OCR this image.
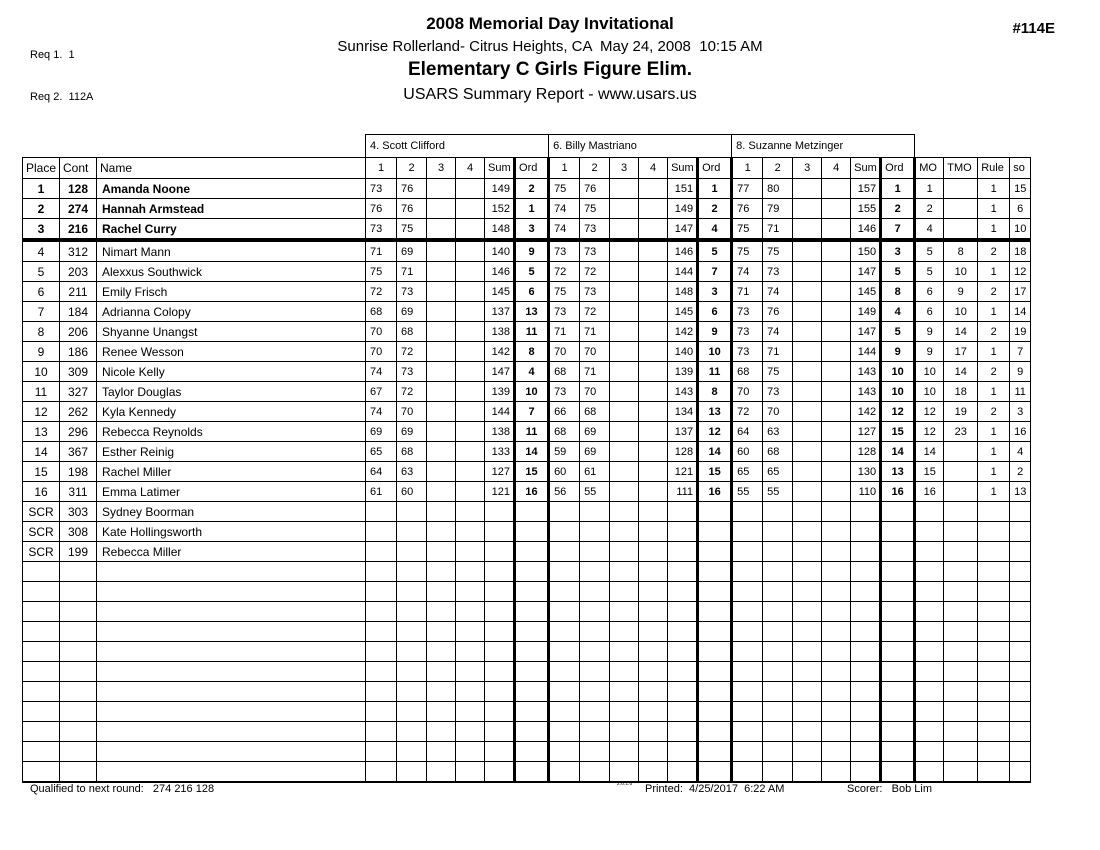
Req 1.  1

Req 2.  112A

#114E
2008 Memorial Day Invitational
Sunrise Rollerland- Citrus Heights, CA  May 24, 2008  10:15 AM
Elementary C Girls Figure Elim.
USARS Summary Report - www.usars.us
			4. Scott Clifford						6. Billy Mastriano						8. Suzanne Metzinger									
Place	Cont	Name	1	2	3	4	Sum	Ord	1	2	3	4	Sum	Ord	1	2	3	4	Sum	Ord	MO	TMO	Rule	so
1	128	Amanda Noone	73	76			149	2	75	76			151	1	77	80			157	1	1		1	15
2	274	Hannah Armstead	76	76			152	1	74	75			149	2	76	79			155	2	2		1	6
3	216	Rachel Curry	73	75			148	3	74	73			147	4	75	71			146	7	4		1	10
4	312	Nimart Mann	71	69			140	9	73	73			146	5	75	75			150	3	5	8	2	18
5	203	Alexxus Southwick	75	71			146	5	72	72			144	7	74	73			147	5	5	10	1	12
6	211	Emily Frisch	72	73			145	6	75	73			148	3	71	74			145	8	6	9	2	17
7	184	Adrianna Colopy	68	69			137	13	73	72			145	6	73	76			149	4	6	10	1	14
8	206	Shyanne Unangst	70	68			138	11	71	71			142	9	73	74			147	5	9	14	2	19
9	186	Renee Wesson	70	72			142	8	70	70			140	10	73	71			144	9	9	17	1	7
10	309	Nicole Kelly	74	73			147	4	68	71			139	11	68	75			143	10	10	14	2	9
11	327	Taylor Douglas	67	72			139	10	73	70			143	8	70	73			143	10	10	18	1	11
12	262	Kyla Kennedy	74	70			144	7	66	68			134	13	72	70			142	12	12	19	2	3
13	296	Rebecca Reynolds	69	69			138	11	68	69			137	12	64	63			127	15	12	23	1	16
14	367	Esther Reinig	65	68			133	14	59	69			128	14	60	68			128	14	14		1	4
15	198	Rachel Miller	64	63			127	15	60	61			121	15	65	65			130	13	15		1	2
16	311	Emma Latimer	61	60			121	16	56	55			111	16	55	55			110	16	16		1	13
SCR	303	Sydney Boorman																						
SCR	308	Kate Hollingsworth																						
SCR	199	Rebecca Miller																						

Qualified to next round:   274 216 128	2.6.1.6 Printed:  4/25/2017  6:22 AM	Scorer:   Bob Lim
